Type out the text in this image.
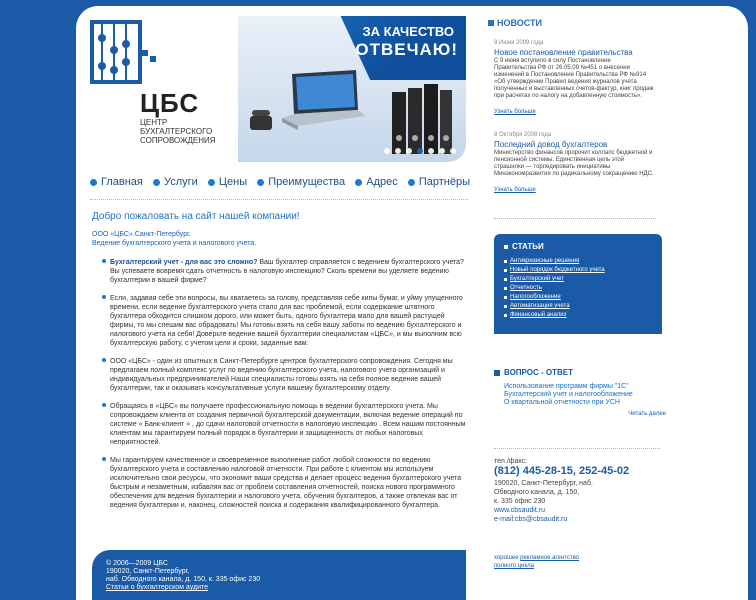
ЦБС
ЦЕНТР БУХГАЛТЕРСКОГО СОПРОВОЖДЕНИЯ
ЗА КАЧЕСТВО
ОТВЕЧАЮ!
Главная Услуги Цены Преимущества Адрес Партнёры
Добро пожаловать на сайт нашей компании!
ООО «ЦБС».Санкт-Петербург.
Ведение бухгалтерского учета и налогового учета.
Бухгалтерский учет - для вас это сложно? Ваш бухгалтер справляется с ведением бухгалтерского учета? Вы успеваете вовремя сдать отчетность в налоговую инспекцию? Сколь времени вы уделяете ведению бухгалтерии в вашей фирме?
Если, задавая себе эти вопросы, вы хватаетесь за голову, представляя себе кипы бумаг, и уйму упущенного времени, если ведение бухгалтерского учета стало для вас проблемой, если содержание штатного бухгалтера обходится слишком дорого, или может быть, одного бухгалтера мало для вашей растущей фирмы, то мы спешим вас обрадовать! Мы готовы взять на себя вашу заботы по ведению бухгалтерского и налогового учета на себя! Доверьте ведение вашей бухгалтерии специалистам «ЦБС», и мы выполним всю бухгалтерскую работу, с учетом цели и сроки, заданные вам.
ООО «ЦБС» - один из опытных в Санкт-Петербурге центров бухгалтерского сопровождения. Сегодня мы предлагаем полный комплекс услуг по ведению бухгалтерского учета, налогового учета организаций и индивидуальных предпринимателей Наши специалисты готовы взять на себя полное ведение вашей бухгалтерии, так и оказывать консультативные услуги вашему бухгалтерскому отделу.
Обращаясь в «ЦБС» вы получаете профессиональную помощь в ведении бухгалтерского учета. Мы сопровождаем клиента от создания первичной бухгалтерской документации, включая ведение операций по системе « Банк-клиент » , до сдачи налоговой отчетности в налоговую инспекцию . Всем нашим постоянным клиентам мы гарантируем полный порядок в бухгалтерии и защищенность от любых налоговых неприятностей.
Мы гарантируем качественное и своевременное выполнение работ любой сложности по ведению бухгалтерского учета и составлению налоговой отчетности. При работе с клиентом мы используем исключительно свои ресурсы, что экономит ваши средства и делает процесс ведения бухгалтерского учета быстрым и незаметным, избавляя вас от проблем составления отчетностей, поиска нового программного обеспечения для ведения бухгалтерии и налогового учета, обучения бухгалтеров, а также отвлекая вас от ведения бухгалтерии и, наконец, сложностей поиска и содержания квалифицированного бухгалтера.
© 2006—2009 ЦБС
190020, Санкт-Петербург,
наб. Обводного канала, д. 150, к. 335 офис 230
Статьи о бухгалтерском аудите
НОВОСТИ
9 Июня 2009 года
Новое постановление правительства
С 9 июня вступило в силу Постановление Правительства РФ от 26.05.09 №451 о внесении изменений в Постановление Правительства РФ №914 «Об утверждении Правил ведения журналов учета полученных и выставленных счетов-фактур, книг продаж при расчетах по налогу на добавленную стоимость».
Узнать больше
8 Октября 2008 года
Последний довод бухгалтеров
Министерство финансов пророчит коллапс бюджетной и пенсионной системы. Единственная цель этой страшилки — торпедировать инициативы Минэкономразвития по радикальному сокращению НДС.
Узнать больше
СТАТЬИ
Антикризисные решения
Новый порядок бюджетного учета
Бухгалтерский учет
Отчетность
Налогообложение
Автоматизация учета
Финансовый анализ
ВОПРОС - ОТВЕТ
Использование программ фирмы "1С"
Бухгалтерский учет и налогообложение
О квартальной отчетности при УСН
Читать далее
тел./факс:
(812) 445-28-15, 252-45-02
190020, Санкт-Петербург, наб.
Обводного канала, д. 150,
к. 335 офис 230
www.cbsaudit.ru
e-mail:cbs@cbsaudit.ru
хорошее рекламное агентство
полного цикла
